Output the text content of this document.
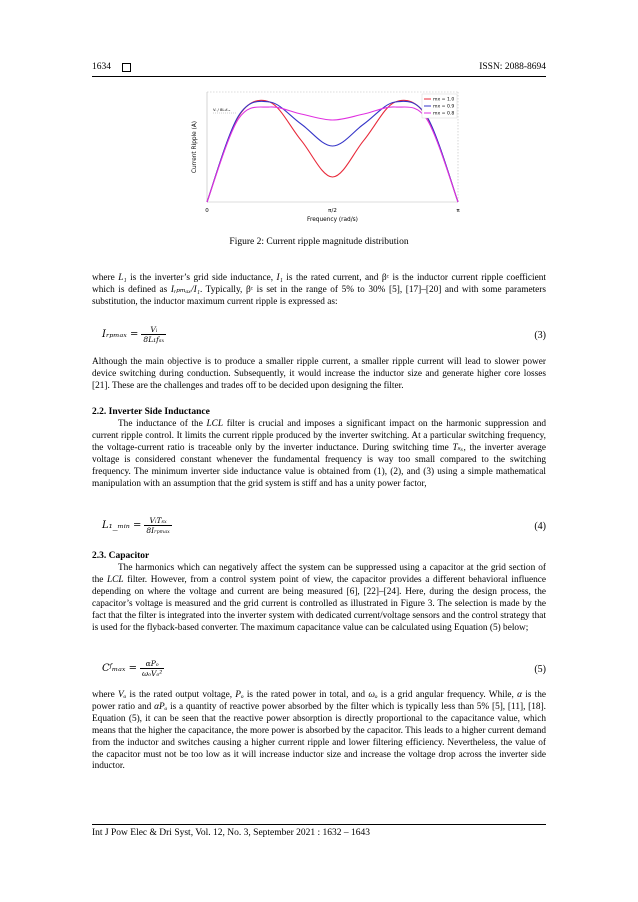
1634	ISSN: 2088-8694
Vᵢ / 8L₁fₛₓ
0	π/2	π
Frequency (rad/s)
Current Ripple (A)
mx = 1.0
mx = 0.9
mx = 0.8
Figure 2: Current ripple magnitude distribution

where L₁ is the inverter’s grid side inductance, I₁ is the rated current, and βᶜ is the inductor current ripple coefficient which is defined as Iᵣₚₘₐₓ/I₁. Typically, βᶜ is set in the range of 5% to 30% [5], [17]–[20] and with some parameters substitution, the inductor maximum current ripple is expressed as:

Iᵣₚₘₐₓ = $\frac{\text{Vᵢ}}{\text{8L₁fₛₓ}}$	(3)

Although the main objective is to produce a smaller ripple current, a smaller ripple current will lead to slower power device switching during conduction. Subsequently, it would increase the inductor size and generate higher core losses [21]. These are the challenges and trades off to be decided upon designing the filter.

2.2. Inverter Side Inductance

The inductance of the LCL filter is crucial and imposes a significant impact on the harmonic suppression and current ripple control. It limits the current ripple produced by the inverter switching. At a particular switching frequency, the voltage-current ratio is traceable only by the inverter inductance. During switching time Tₛₓ, the inverter average voltage is considered constant whenever the fundamental frequency is way too small compared to the switching frequency. The minimum inverter side inductance value is obtained from (1), (2), and (3) using a simple mathematical manipulation with an assumption that the grid system is stiff and has a unity power factor,

L₁_ₘᵢₙ = $\frac{\text{VᵢTₛₓ}}{\text{8Iᵣₚₘₐₓ}}$	(4)
2.3. Capacitor

The harmonics which can negatively affect the system can be suppressed using a capacitor at the grid section of the LCL filter. However, from a control system point of view, the capacitor provides a different behavioral influence depending on where the voltage and current are being measured [6], [22]–[24]. Here, during the design process, the capacitor’s voltage is measured and the grid current is controlled as illustrated in Figure 3. The selection is made by the fact that the filter is integrated into the inverter system with dedicated current/voltage sensors and the control strategy that is used for the flyback-based converter. The maximum capacitance value can be calculated using Equation (5) below;

Cᶠₘₐₓ = $\frac{\text{αPₒ}}{\text{ωₒVₒ²}}$	(5)

where Vₒ is the rated output voltage, Pₒ is the rated power in total, and ωₒ is a grid angular frequency. While, α is the power ratio and αPₒ is a quantity of reactive power absorbed by the filter which is typically less than 5% [5], [11], [18]. Equation (5), it can be seen that the reactive power absorption is directly proportional to the capacitance value, which means that the higher the capacitance, the more power is absorbed by the capacitor. This leads to a higher current demand from the inductor and switches causing a higher current ripple and lower filtering efficiency. Nevertheless, the value of the capacitor must not be too low as it will increase inductor size and increase the voltage drop across the inverter side inductor.

Int J Pow Elec & Dri Syst, Vol. 12, No. 3, September 2021 : 1632 – 1643
